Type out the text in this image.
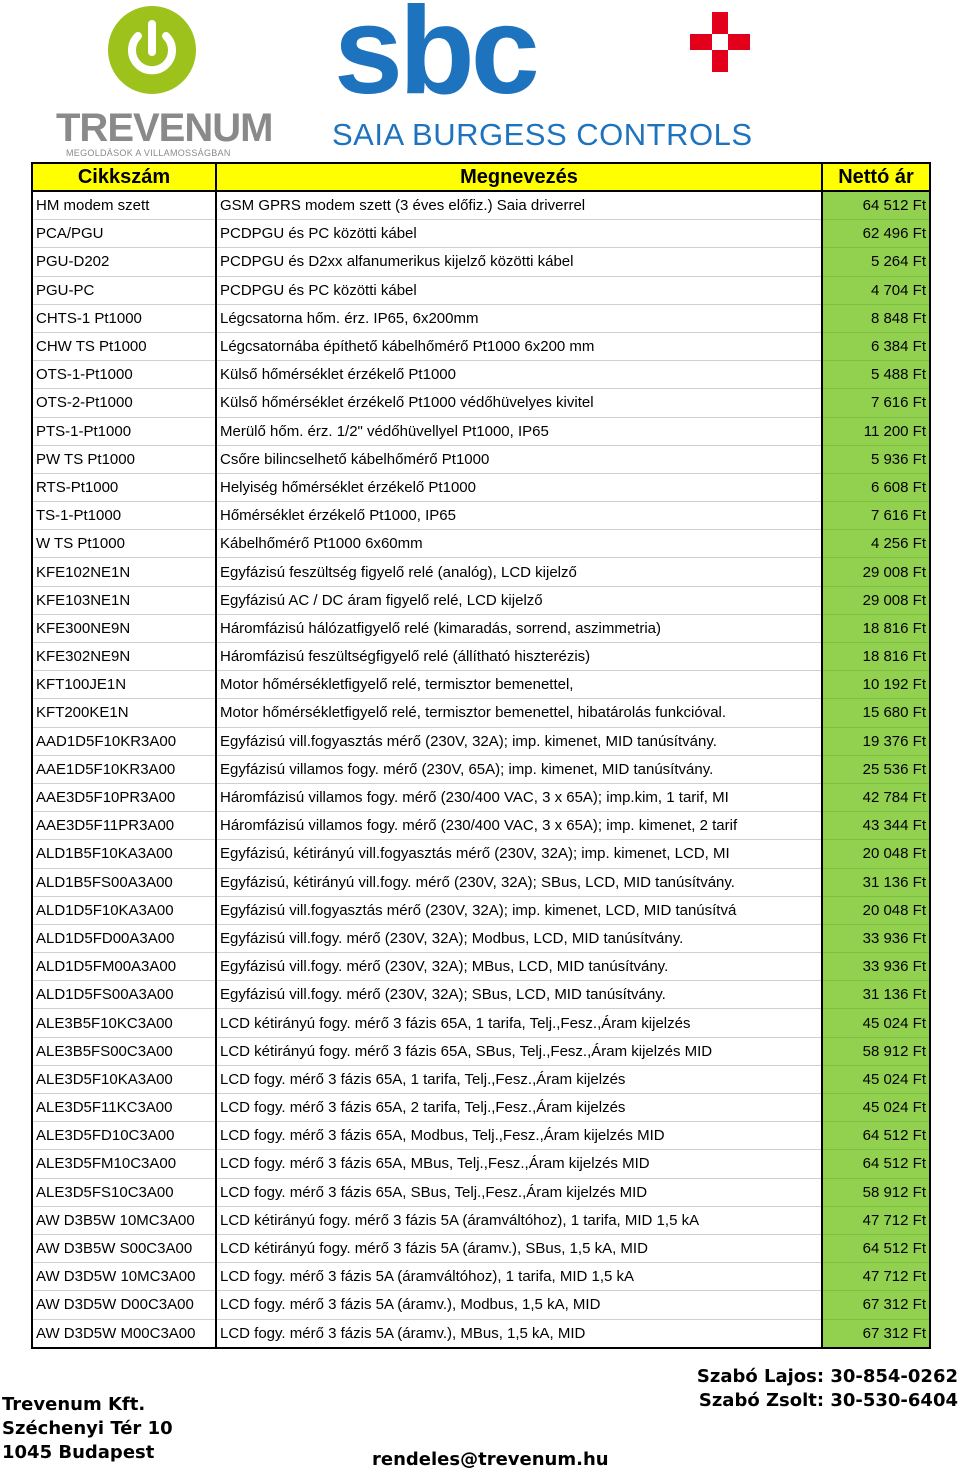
TREVENUM
MEGOLDÁSOK A VILLAMOSSÁGBAN
sbc
SAIA BURGESS CONTROLS
Cikkszám	Megnevezés	Nettó ár
HM modem szett	GSM GPRS modem szett (3 éves előfiz.) Saia driverrel	64 512 Ft
PCA/PGU	PCDPGU és PC közötti kábel	62 496 Ft
PGU-D202	PCDPGU és D2xx alfanumerikus kijelző közötti kábel	5 264 Ft
PGU-PC	PCDPGU és PC közötti kábel	4 704 Ft
CHTS-1 Pt1000	Légcsatorna hőm. érz. IP65, 6x200mm	8 848 Ft
CHW TS Pt1000	Légcsatornába építhető kábelhőmérő Pt1000 6x200 mm	6 384 Ft
OTS-1-Pt1000	Külső hőmérséklet érzékelő Pt1000	5 488 Ft
OTS-2-Pt1000	Külső hőmérséklet érzékelő Pt1000 védőhüvelyes kivitel	7 616 Ft
PTS-1-Pt1000	Merülő hőm. érz. 1/2" védőhüvellyel Pt1000, IP65	11 200 Ft
PW TS Pt1000	Csőre bilincselhető kábelhőmérő Pt1000	5 936 Ft
RTS-Pt1000	Helyiség hőmérséklet érzékelő Pt1000	6 608 Ft
TS-1-Pt1000	Hőmérséklet érzékelő Pt1000, IP65	7 616 Ft
W TS Pt1000	Kábelhőmérő Pt1000 6x60mm	4 256 Ft
KFE102NE1N	Egyfázisú feszültség figyelő relé (analóg), LCD kijelző	29 008 Ft
KFE103NE1N	Egyfázisú AC / DC áram figyelő relé, LCD kijelző	29 008 Ft
KFE300NE9N	Háromfázisú hálózatfigyelő relé (kimaradás, sorrend, aszimmetria)	18 816 Ft
KFE302NE9N	Háromfázisú feszültségfigyelő relé (állítható hiszterézis)	18 816 Ft
KFT100JE1N	Motor hőmérsékletfigyelő relé, termisztor bemenettel,	10 192 Ft
KFT200KE1N	Motor hőmérsékletfigyelő relé, termisztor bemenettel, hibatárolás funkcióval.	15 680 Ft
AAD1D5F10KR3A00	Egyfázisú vill.fogyasztás mérő (230V, 32A); imp. kimenet, MID tanúsítvány.	19 376 Ft
AAE1D5F10KR3A00	Egyfázisú villamos fogy. mérő (230V, 65A); imp. kimenet, MID tanúsítvány.	25 536 Ft
AAE3D5F10PR3A00	Háromfázisú villamos fogy. mérő (230/400 VAC, 3 x 65A); imp.kim, 1 tarif, MI	42 784 Ft
AAE3D5F11PR3A00	Háromfázisú villamos fogy. mérő (230/400 VAC, 3 x 65A); imp. kimenet, 2 tarif	43 344 Ft
ALD1B5F10KA3A00	Egyfázisú, kétirányú vill.fogyasztás mérő (230V, 32A); imp. kimenet, LCD, MI	20 048 Ft
ALD1B5FS00A3A00	Egyfázisú, kétirányú vill.fogy. mérő (230V, 32A); SBus, LCD, MID tanúsítvány.	31 136 Ft
ALD1D5F10KA3A00	Egyfázisú vill.fogyasztás mérő (230V, 32A); imp. kimenet, LCD, MID tanúsítvá	20 048 Ft
ALD1D5FD00A3A00	Egyfázisú vill.fogy. mérő (230V, 32A); Modbus, LCD, MID tanúsítvány.	33 936 Ft
ALD1D5FM00A3A00	Egyfázisú vill.fogy. mérő (230V, 32A); MBus, LCD, MID tanúsítvány.	33 936 Ft
ALD1D5FS00A3A00	Egyfázisú vill.fogy. mérő (230V, 32A); SBus, LCD, MID tanúsítvány.	31 136 Ft
ALE3B5F10KC3A00	LCD kétirányú fogy. mérő 3 fázis 65A, 1 tarifa, Telj.,Fesz.,Áram kijelzés	45 024 Ft
ALE3B5FS00C3A00	LCD kétirányú fogy. mérő 3 fázis 65A, SBus, Telj.,Fesz.,Áram kijelzés MID	58 912 Ft
ALE3D5F10KA3A00	LCD fogy. mérő 3 fázis 65A, 1 tarifa, Telj.,Fesz.,Áram kijelzés	45 024 Ft
ALE3D5F11KC3A00	LCD fogy. mérő 3 fázis 65A, 2 tarifa, Telj.,Fesz.,Áram kijelzés	45 024 Ft
ALE3D5FD10C3A00	LCD fogy. mérő 3 fázis 65A, Modbus, Telj.,Fesz.,Áram kijelzés MID	64 512 Ft
ALE3D5FM10C3A00	LCD fogy. mérő 3 fázis 65A, MBus, Telj.,Fesz.,Áram kijelzés MID	64 512 Ft
ALE3D5FS10C3A00	LCD fogy. mérő 3 fázis 65A, SBus, Telj.,Fesz.,Áram kijelzés MID	58 912 Ft
AW D3B5W 10MC3A00	LCD kétirányú fogy. mérő 3 fázis 5A (áramváltóhoz), 1 tarifa, MID 1,5 kA	47 712 Ft
AW D3B5W S00C3A00	LCD kétirányú fogy. mérő 3 fázis 5A (áramv.), SBus, 1,5 kA, MID	64 512 Ft
AW D3D5W 10MC3A00	LCD fogy. mérő 3 fázis 5A (áramváltóhoz), 1 tarifa, MID 1,5 kA	47 712 Ft
AW D3D5W D00C3A00	LCD fogy. mérő 3 fázis 5A (áramv.), Modbus, 1,5 kA, MID	67 312 Ft
AW D3D5W M00C3A00	LCD fogy. mérő 3 fázis 5A (áramv.), MBus, 1,5 kA, MID	67 312 Ft
Trevenum Kft.
Széchenyi Tér 10
1045 Budapest
Szabó Lajos: 30-854-0262
Szabó Zsolt: 30-530-6404
rendeles@trevenum.hu
